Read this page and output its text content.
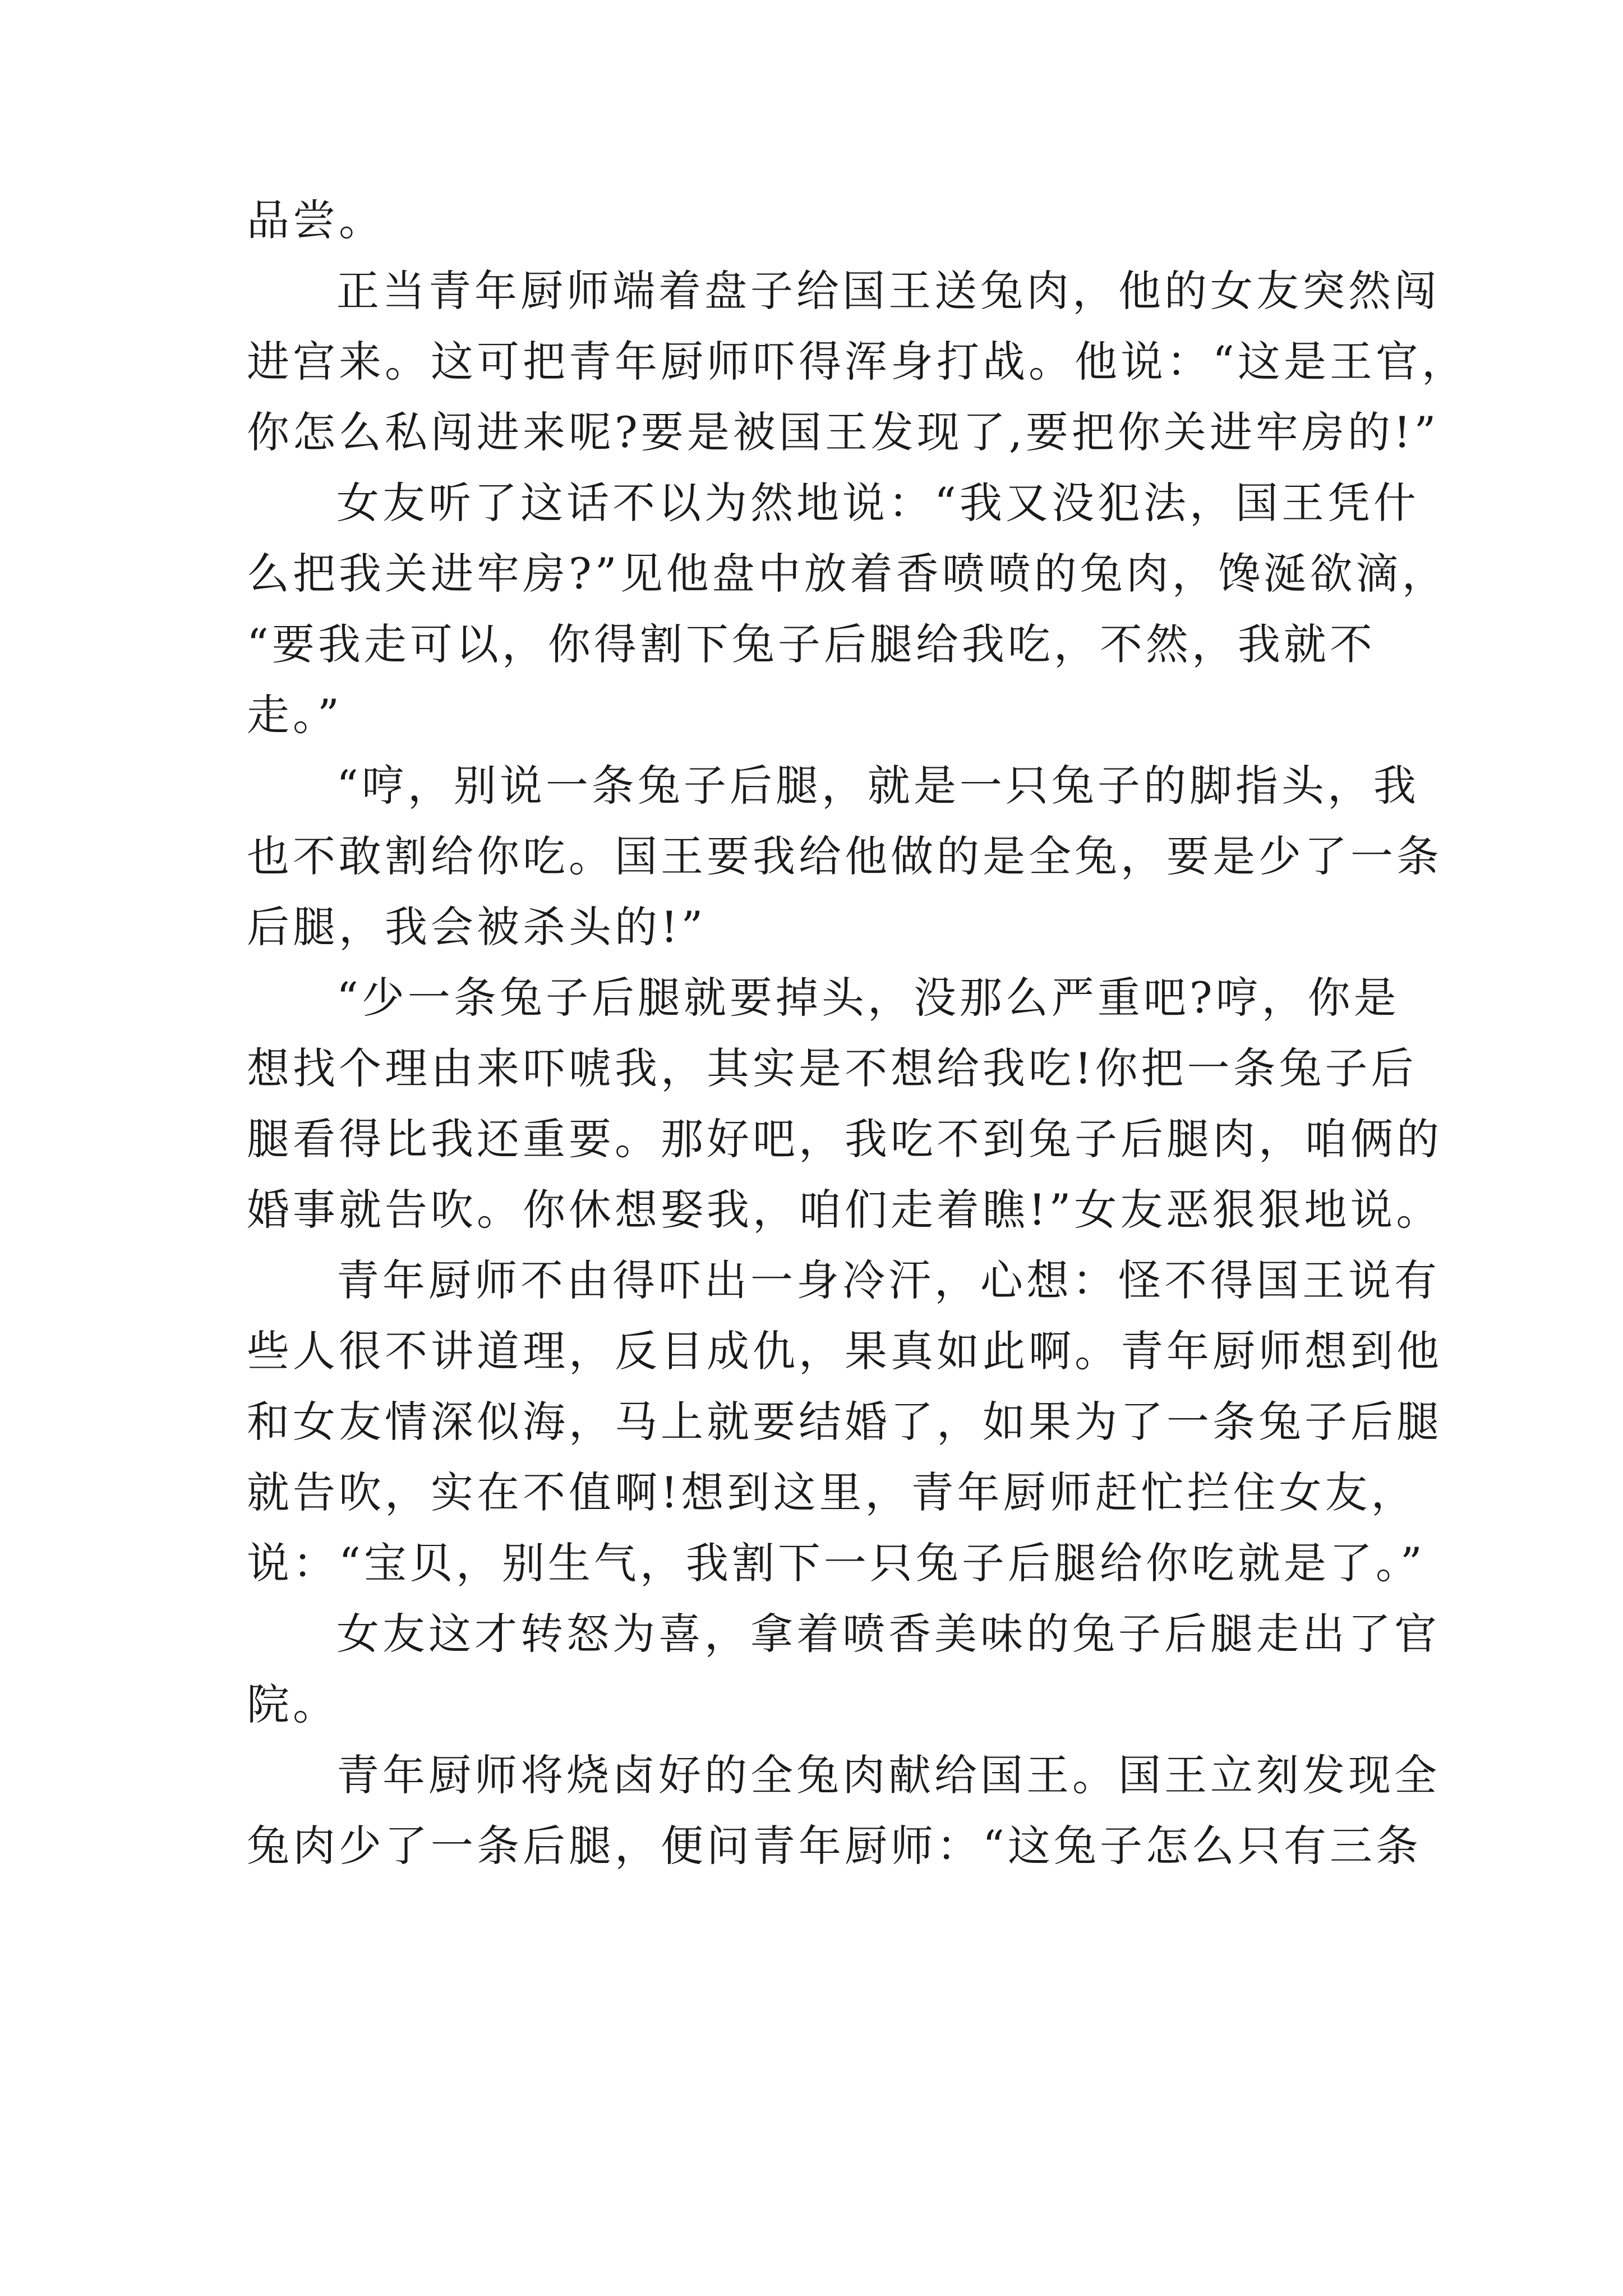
品尝。
正当青年厨师端着盘子给国王送兔肉，他的女友突然闯
进宫来。这可把青年厨师吓得浑身打战。他说：“这是王官，
你怎么私闯进来呢?要是被国王发现了,要把你关进牢房的!”
女友听了这话不以为然地说：“我又没犯法，国王凭什
么把我关进牢房?”见他盘中放着香喷喷的兔肉，馋涎欲滴，
“要我走可以，你得割下兔子后腿给我吃，不然，我就不
走。”
“哼，别说一条兔子后腿，就是一只兔子的脚指头，我
也不敢割给你吃。国王要我给他做的是全兔，要是少了一条
后腿，我会被杀头的!”
“少一条兔子后腿就要掉头，没那么严重吧?哼，你是
想找个理由来吓唬我，其实是不想给我吃!你把一条兔子后
腿看得比我还重要。那好吧，我吃不到兔子后腿肉，咱俩的
婚事就告吹。你休想娶我，咱们走着瞧!”女友恶狠狠地说。
青年厨师不由得吓出一身冷汗，心想：怪不得国王说有
些人很不讲道理，反目成仇，果真如此啊。青年厨师想到他
和女友情深似海，马上就要结婚了，如果为了一条兔子后腿
就告吹，实在不值啊!想到这里，青年厨师赶忙拦住女友，
说：“宝贝，别生气，我割下一只兔子后腿给你吃就是了。”
女友这才转怒为喜，拿着喷香美味的兔子后腿走出了官
院。
青年厨师将烧卤好的全兔肉献给国王。国王立刻发现全
兔肉少了一条后腿，便问青年厨师：“这兔子怎么只有三条
